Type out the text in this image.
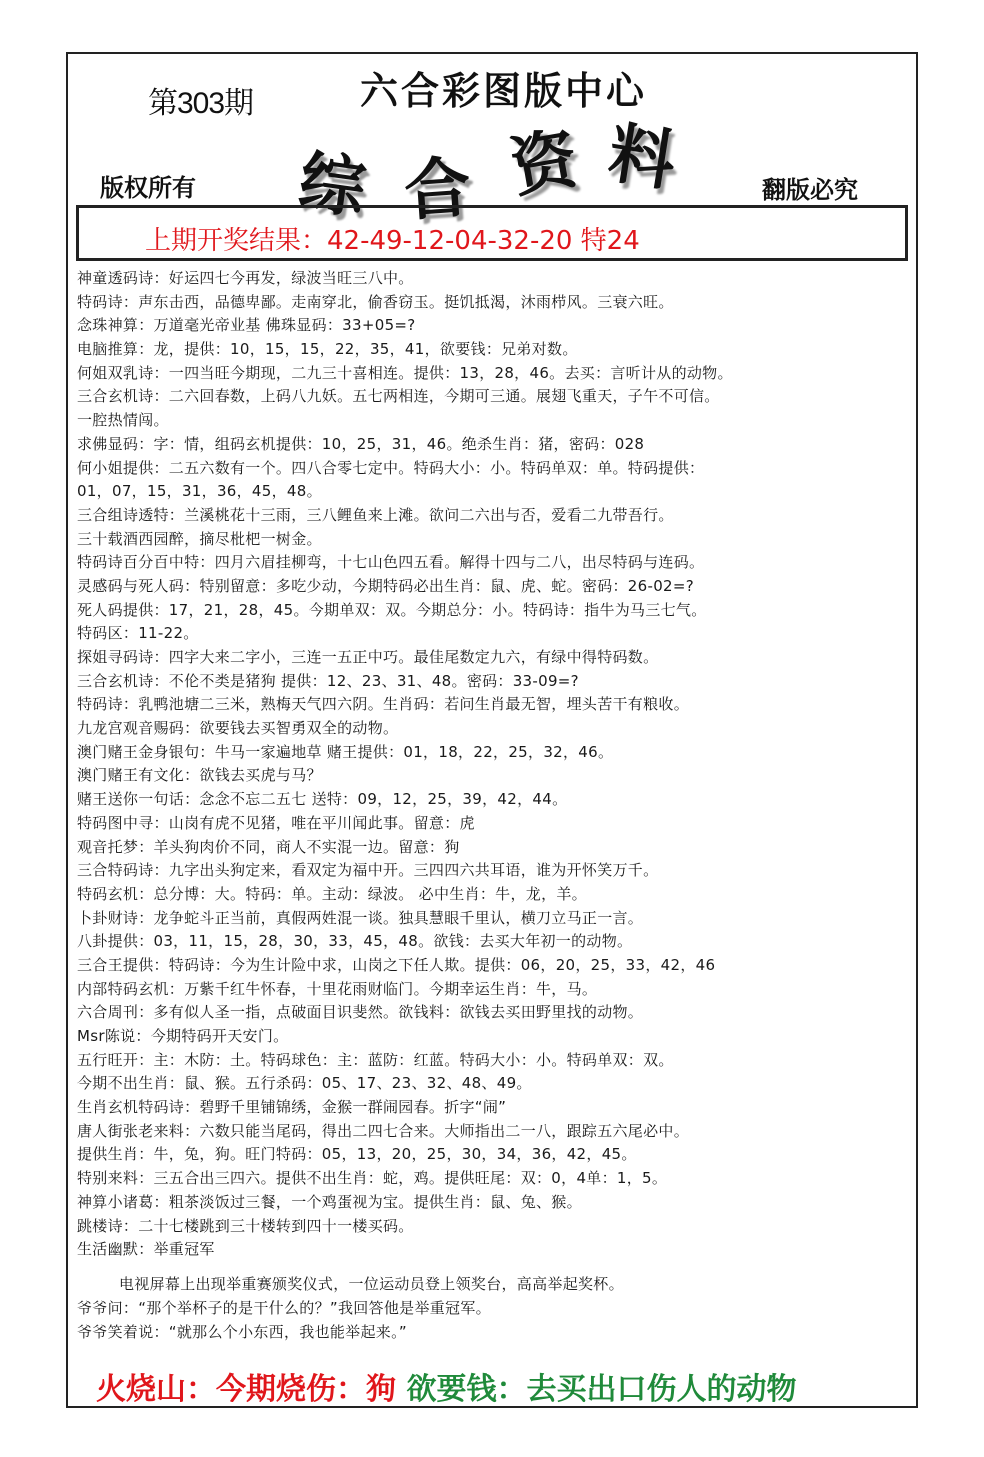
第303期	六合彩图版中心
综 合 资 料
版权所有	翻版必究
上期开奖结果：42-49-12-04-32-20 特24
神童透码诗：好运四七今再发，绿波当旺三八中。
特码诗：声东击西，品德卑鄙。走南穿北，偷香窃玉。挺饥抵渴，沐雨栉风。三衰六旺。
念珠神算：万道毫光帝业基 佛珠显码：33+05=?
电脑推算：龙，提供：10，15，15，22，35，41，欲要钱：兄弟对数。
何姐双乳诗：一四当旺今期现，二九三十喜相连。提供：13，28，46。去买：言听计从的动物。
三合玄机诗：二六回春数，上码八九妖。五七两相连，今期可三通。展翅飞重天，子午不可信。
一腔热情闯。
求佛显码：字：情，组码玄机提供：10，25，31，46。绝杀生肖：猪，密码：028
何小姐提供：二五六数有一个。四八合零七定中。特码大小：小。特码单双：单。特码提供：
01，07，15，31，36，45，48。
三合组诗透特：兰溪桃花十三雨，三八鲤鱼来上滩。欲问二六出与否，爱看二九带吾行。
三十载酒西园醉，摘尽枇杷一树金。
特码诗百分百中特：四月六眉挂柳弯，十七山色四五看。解得十四与二八，出尽特码与连码。
灵感码与死人码：特别留意：多吃少动，今期特码必出生肖：鼠、虎、蛇。密码：26-02=?
死人码提供：17，21，28，45。今期单双：双。今期总分：小。特码诗：指牛为马三七气。
特码区：11-22。
探姐寻码诗：四字大来二字小，三连一五正中巧。最佳尾数定九六，有绿中得特码数。
三合玄机诗：不伦不类是猪狗 提供：12、23、31、48。密码：33-09=?
特码诗：乳鸭池塘二三米，熟梅天气四六阴。生肖码：若问生肖最无智，埋头苦干有粮收。
九龙宫观音赐码：欲要钱去买智勇双全的动物。
澳门赌王金身银句：牛马一家遍地草 赌王提供：01，18，22，25，32，46。
澳门赌王有文化：欲钱去买虎与马？
赌王送你一句话：念念不忘二五七 送特：09，12，25，39，42，44。
特码图中寻：山岗有虎不见猪，唯在平川闻此事。留意：虎
观音托梦：羊头狗肉价不同，商人不实混一边。留意：狗
三合特码诗：九字出头狗定来，看双定为福中开。三四四六共耳语，谁为开怀笑万千。
特码玄机：总分博：大。特码：单。主动：绿波。 必中生肖：牛，龙，羊。
卜卦财诗：龙争蛇斗正当前，真假两姓混一谈。独具慧眼千里认，横刀立马正一言。
八卦提供：03，11，15，28，30，33，45，48。欲钱：去买大年初一的动物。
三合王提供：特码诗：今为生计险中求，山岗之下任人欺。提供：06，20，25，33，42，46
内部特码玄机：万紫千红牛怀春，十里花雨财临门。今期幸运生肖：牛，马。
六合周刊：多有似人圣一指，点破面目识斐然。欲钱料：欲钱去买田野里找的动物。
Msr陈说：今期特码开天安门。
五行旺开：主：木防：土。特码球色：主：蓝防：红蓝。特码大小：小。特码单双：双。
今期不出生肖：鼠、猴。五行杀码：05、17、23、32、48、49。
生肖玄机特码诗：碧野千里铺锦绣，金猴一群闹园春。折字“闹”
唐人街张老来料：六数只能当尾码，得出二四七合来。大师指出二一八，跟踪五六尾必中。
提供生肖：牛，兔，狗。旺门特码：05，13，20，25，30，34，36，42，45。
特别来料：三五合出三四六。提供不出生肖：蛇，鸡。提供旺尾：双：0，4单：1，5。
神算小诸葛：粗茶淡饭过三餐，一个鸡蛋视为宝。提供生肖：鼠、兔、猴。
跳楼诗：二十七楼跳到三十楼转到四十一楼买码。
生活幽默：举重冠军
电视屏幕上出现举重赛颁奖仪式，一位运动员登上领奖台，高高举起奖杯。
爷爷问：“那个举杯子的是干什么的？”我回答他是举重冠军。
爷爷笑着说：“就那么个小东西，我也能举起来。”
火烧山：今期烧伤：狗 欲要钱：去买出口伤人的动物
